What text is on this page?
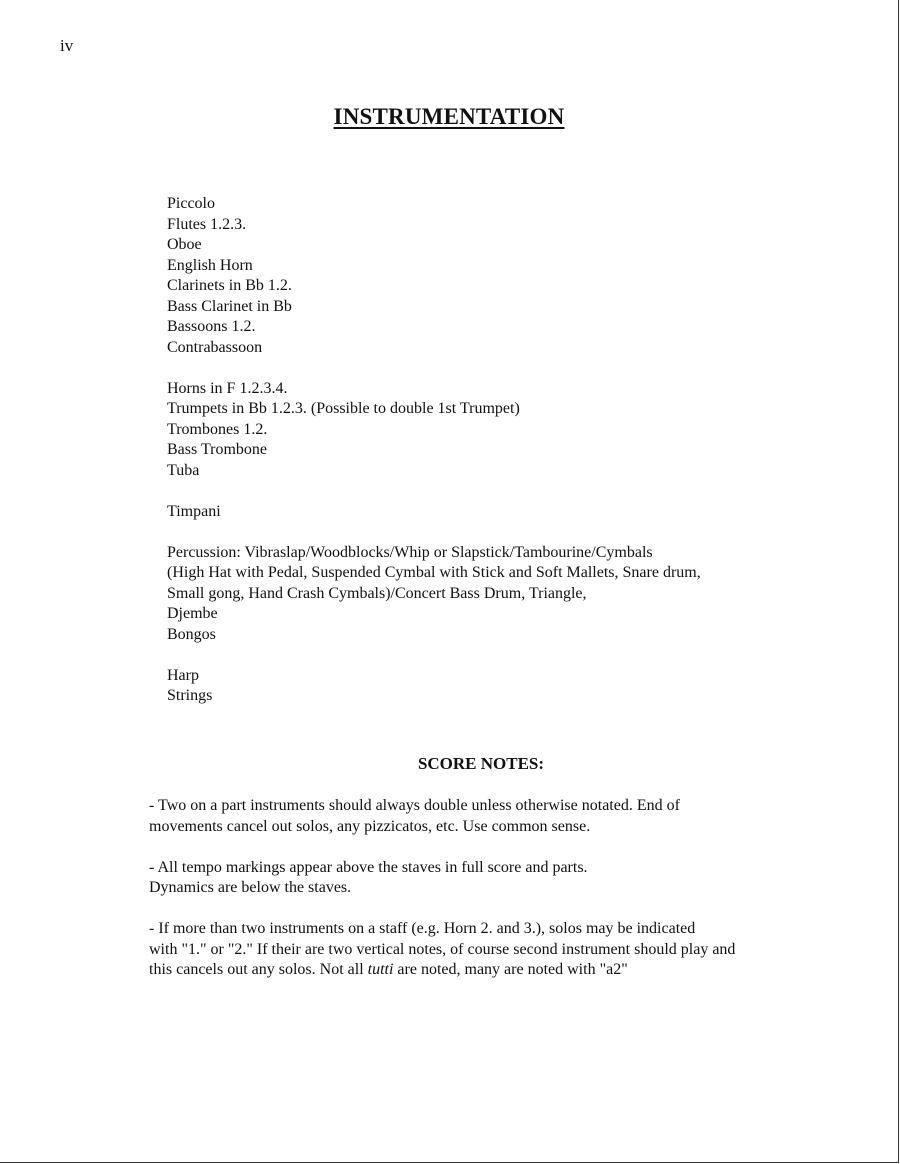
iv
INSTRUMENTATION
Piccolo
Flutes 1.2.3.
Oboe
English Horn
Clarinets in Bb 1.2.
Bass Clarinet in Bb
Bassoons 1.2.
Contrabassoon
Horns in F 1.2.3.4.
Trumpets in Bb 1.2.3. (Possible to double 1st Trumpet)
Trombones 1.2.
Bass Trombone
Tuba
Timpani
Percussion: Vibraslap/Woodblocks/Whip or Slapstick/Tambourine/Cymbals
(High Hat with Pedal, Suspended Cymbal with Stick and Soft Mallets, Snare drum,
Small gong, Hand Crash Cymbals)/Concert Bass Drum, Triangle,
Djembe
Bongos
Harp
Strings
SCORE NOTES:
- Two on a part instruments should always double unless otherwise notated. End of
movements cancel out solos, any pizzicatos, etc. Use common sense.
- All tempo markings appear above the staves in full score and parts.
Dynamics are below the staves.
- If more than two instruments on a staff (e.g. Horn 2. and 3.), solos may be indicated
with "1." or "2." If their are two vertical notes, of course second instrument should play and
this cancels out any solos. Not all tutti are noted, many are noted with "a2"
